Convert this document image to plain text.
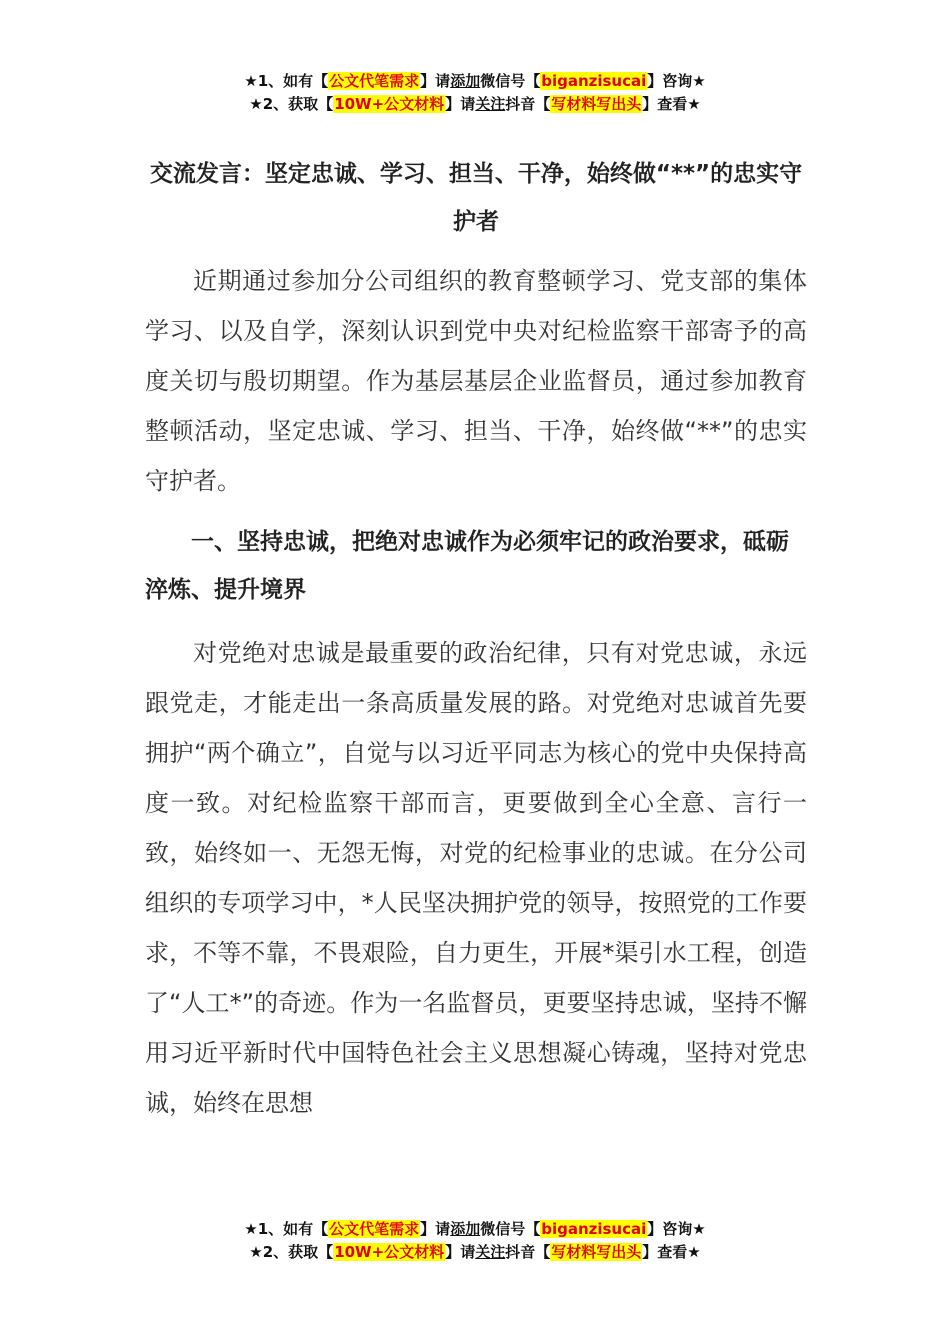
★1、如有【公文代笔需求】请添加微信号【biganzisucai】咨询★
★2、获取【10W+公文材料】请关注抖音【写材料写出头】查看★
交流发言：坚定忠诚、学习、担当、干净，始终做“**”的忠实守护者

近期通过参加分公司组织的教育整顿学习、党支部的集体学习、以及自学，深刻认识到党中央对纪检监察干部寄予的高度关切与殷切期望。作为基层基层企业监督员，通过参加教育整顿活动，坚定忠诚、学习、担当、干净，始终做“**”的忠实守护者。

一、坚持忠诚，把绝对忠诚作为必须牢记的政治要求，砥砺淬炼、提升境界

对党绝对忠诚是最重要的政治纪律，只有对党忠诚，永远跟党走，才能走出一条高质量发展的路。对党绝对忠诚首先要拥护“两个确立”，自觉与以习近平同志为核心的党中央保持高度一致。对纪检监察干部而言，更要做到全心全意、言行一致，始终如一、无怨无悔，对党的纪检事业的忠诚。在分公司组织的专项学习中，*人民坚决拥护党的领导，按照党的工作要求，不等不靠，不畏艰险，自力更生，开展*渠引水工程，创造了“人工*”的奇迹。作为一名监督员，更要坚持忠诚，坚持不懈用习近平新时代中国特色社会主义思想凝心铸魂，坚持对党忠诚，始终在思想

★1、如有【公文代笔需求】请添加微信号【biganzisucai】咨询★
★2、获取【10W+公文材料】请关注抖音【写材料写出头】查看★
